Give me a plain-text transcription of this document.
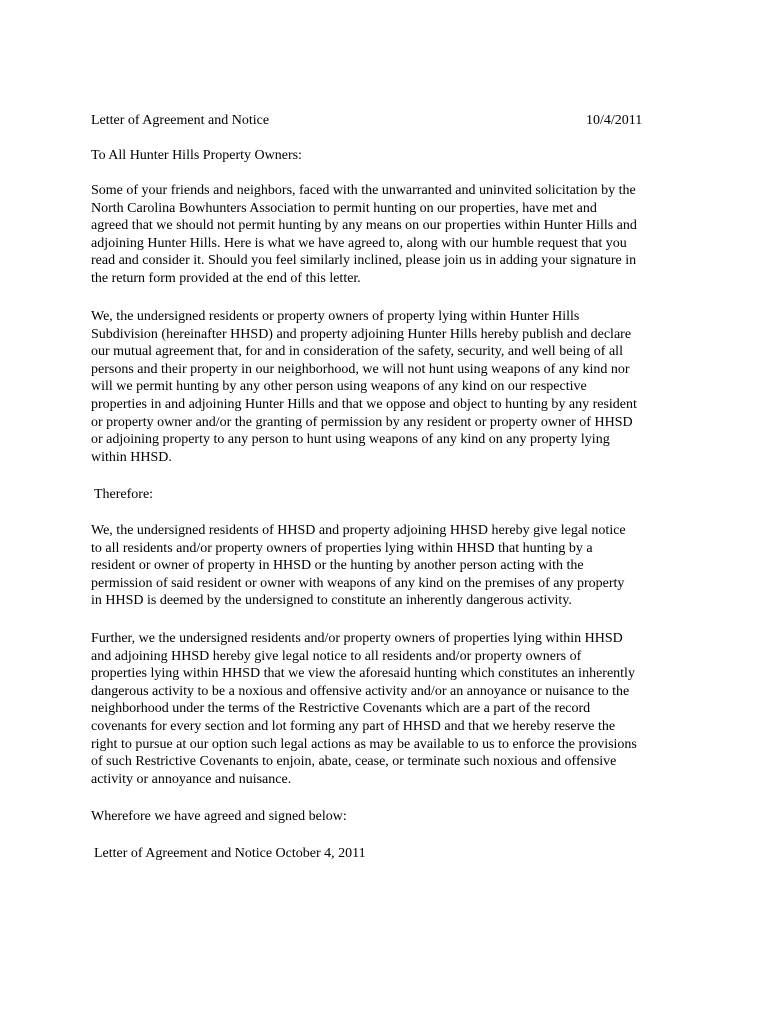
Letter of Agreement and Notice	10/4/2011

To All Hunter Hills Property Owners:

Some of your friends and neighbors, faced with the unwarranted and uninvited solicitation by the
North Carolina Bowhunters Association to permit hunting on our properties, have met and
agreed that we should not permit hunting by any means on our properties within Hunter Hills and
adjoining Hunter Hills. Here is what we have agreed to, along with our humble request that you
read and consider it. Should you feel similarly inclined, please join us in adding your signature in
the return form provided at the end of this letter.

We, the undersigned residents or property owners of property lying within Hunter Hills
Subdivision (hereinafter HHSD) and property adjoining Hunter Hills hereby publish and declare
our mutual agreement that, for and in consideration of the safety, security, and well being of all
persons and their property in our neighborhood, we will not hunt using weapons of any kind nor
will we permit hunting by any other person using weapons of any kind on our respective
properties in and adjoining Hunter Hills and that we oppose and object to hunting by any resident
or property owner and/or the granting of permission by any resident or property owner of HHSD
or adjoining property to any person to hunt using weapons of any kind on any property lying
within HHSD.

Therefore:

We, the undersigned residents of HHSD and property adjoining HHSD hereby give legal notice
to all residents and/or property owners of properties lying within HHSD that hunting by a
resident or owner of property in HHSD or the hunting by another person acting with the
permission of said resident or owner with weapons of any kind on the premises of any property
in HHSD is deemed by the undersigned to constitute an inherently dangerous activity.

Further, we the undersigned residents and/or property owners of properties lying within HHSD
and adjoining HHSD hereby give legal notice to all residents and/or property owners of
properties lying within HHSD that we view the aforesaid hunting which constitutes an inherently
dangerous activity to be a noxious and offensive activity and/or an annoyance or nuisance to the
neighborhood under the terms of the Restrictive Covenants which are a part of the record
covenants for every section and lot forming any part of HHSD and that we hereby reserve the
right to pursue at our option such legal actions as may be available to us to enforce the provisions
of such Restrictive Covenants to enjoin, abate, cease, or terminate such noxious and offensive
activity or annoyance and nuisance.

Wherefore we have agreed and signed below:

Letter of Agreement and Notice October 4, 2011
